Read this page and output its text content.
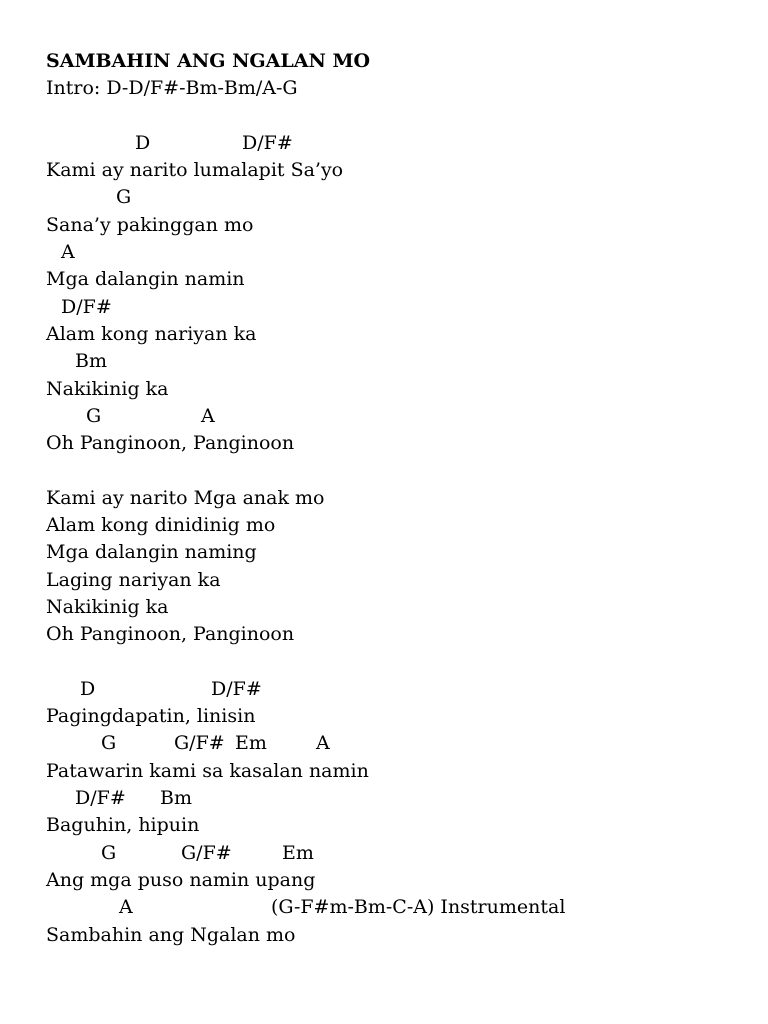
SAMBAHIN ANG NGALAN MO
Intro: D-D/F#-Bm-Bm/A-G
D	D/F#
Kami ay narito lumalapit Sa’yo
G
Sana’y pakinggan mo
A
Mga dalangin namin
D/F#
Alam kong nariyan ka
Bm
Nakikinig ka
G	A
Oh Panginoon, Panginoon
Kami ay narito Mga anak mo
Alam kong dinidinig mo
Mga dalangin naming
Laging nariyan ka
Nakikinig ka
Oh Panginoon, Panginoon
D	D/F#
Pagingdapatin, linisin
G	G/F# Em	A
Patawarin kami sa kasalan namin
D/F# Bm
Baguhin, hipuin
G	G/F#	Em
Ang mga puso namin upang
A	(G-F#m-Bm-C-A) Instrumental
Sambahin ang Ngalan mo
